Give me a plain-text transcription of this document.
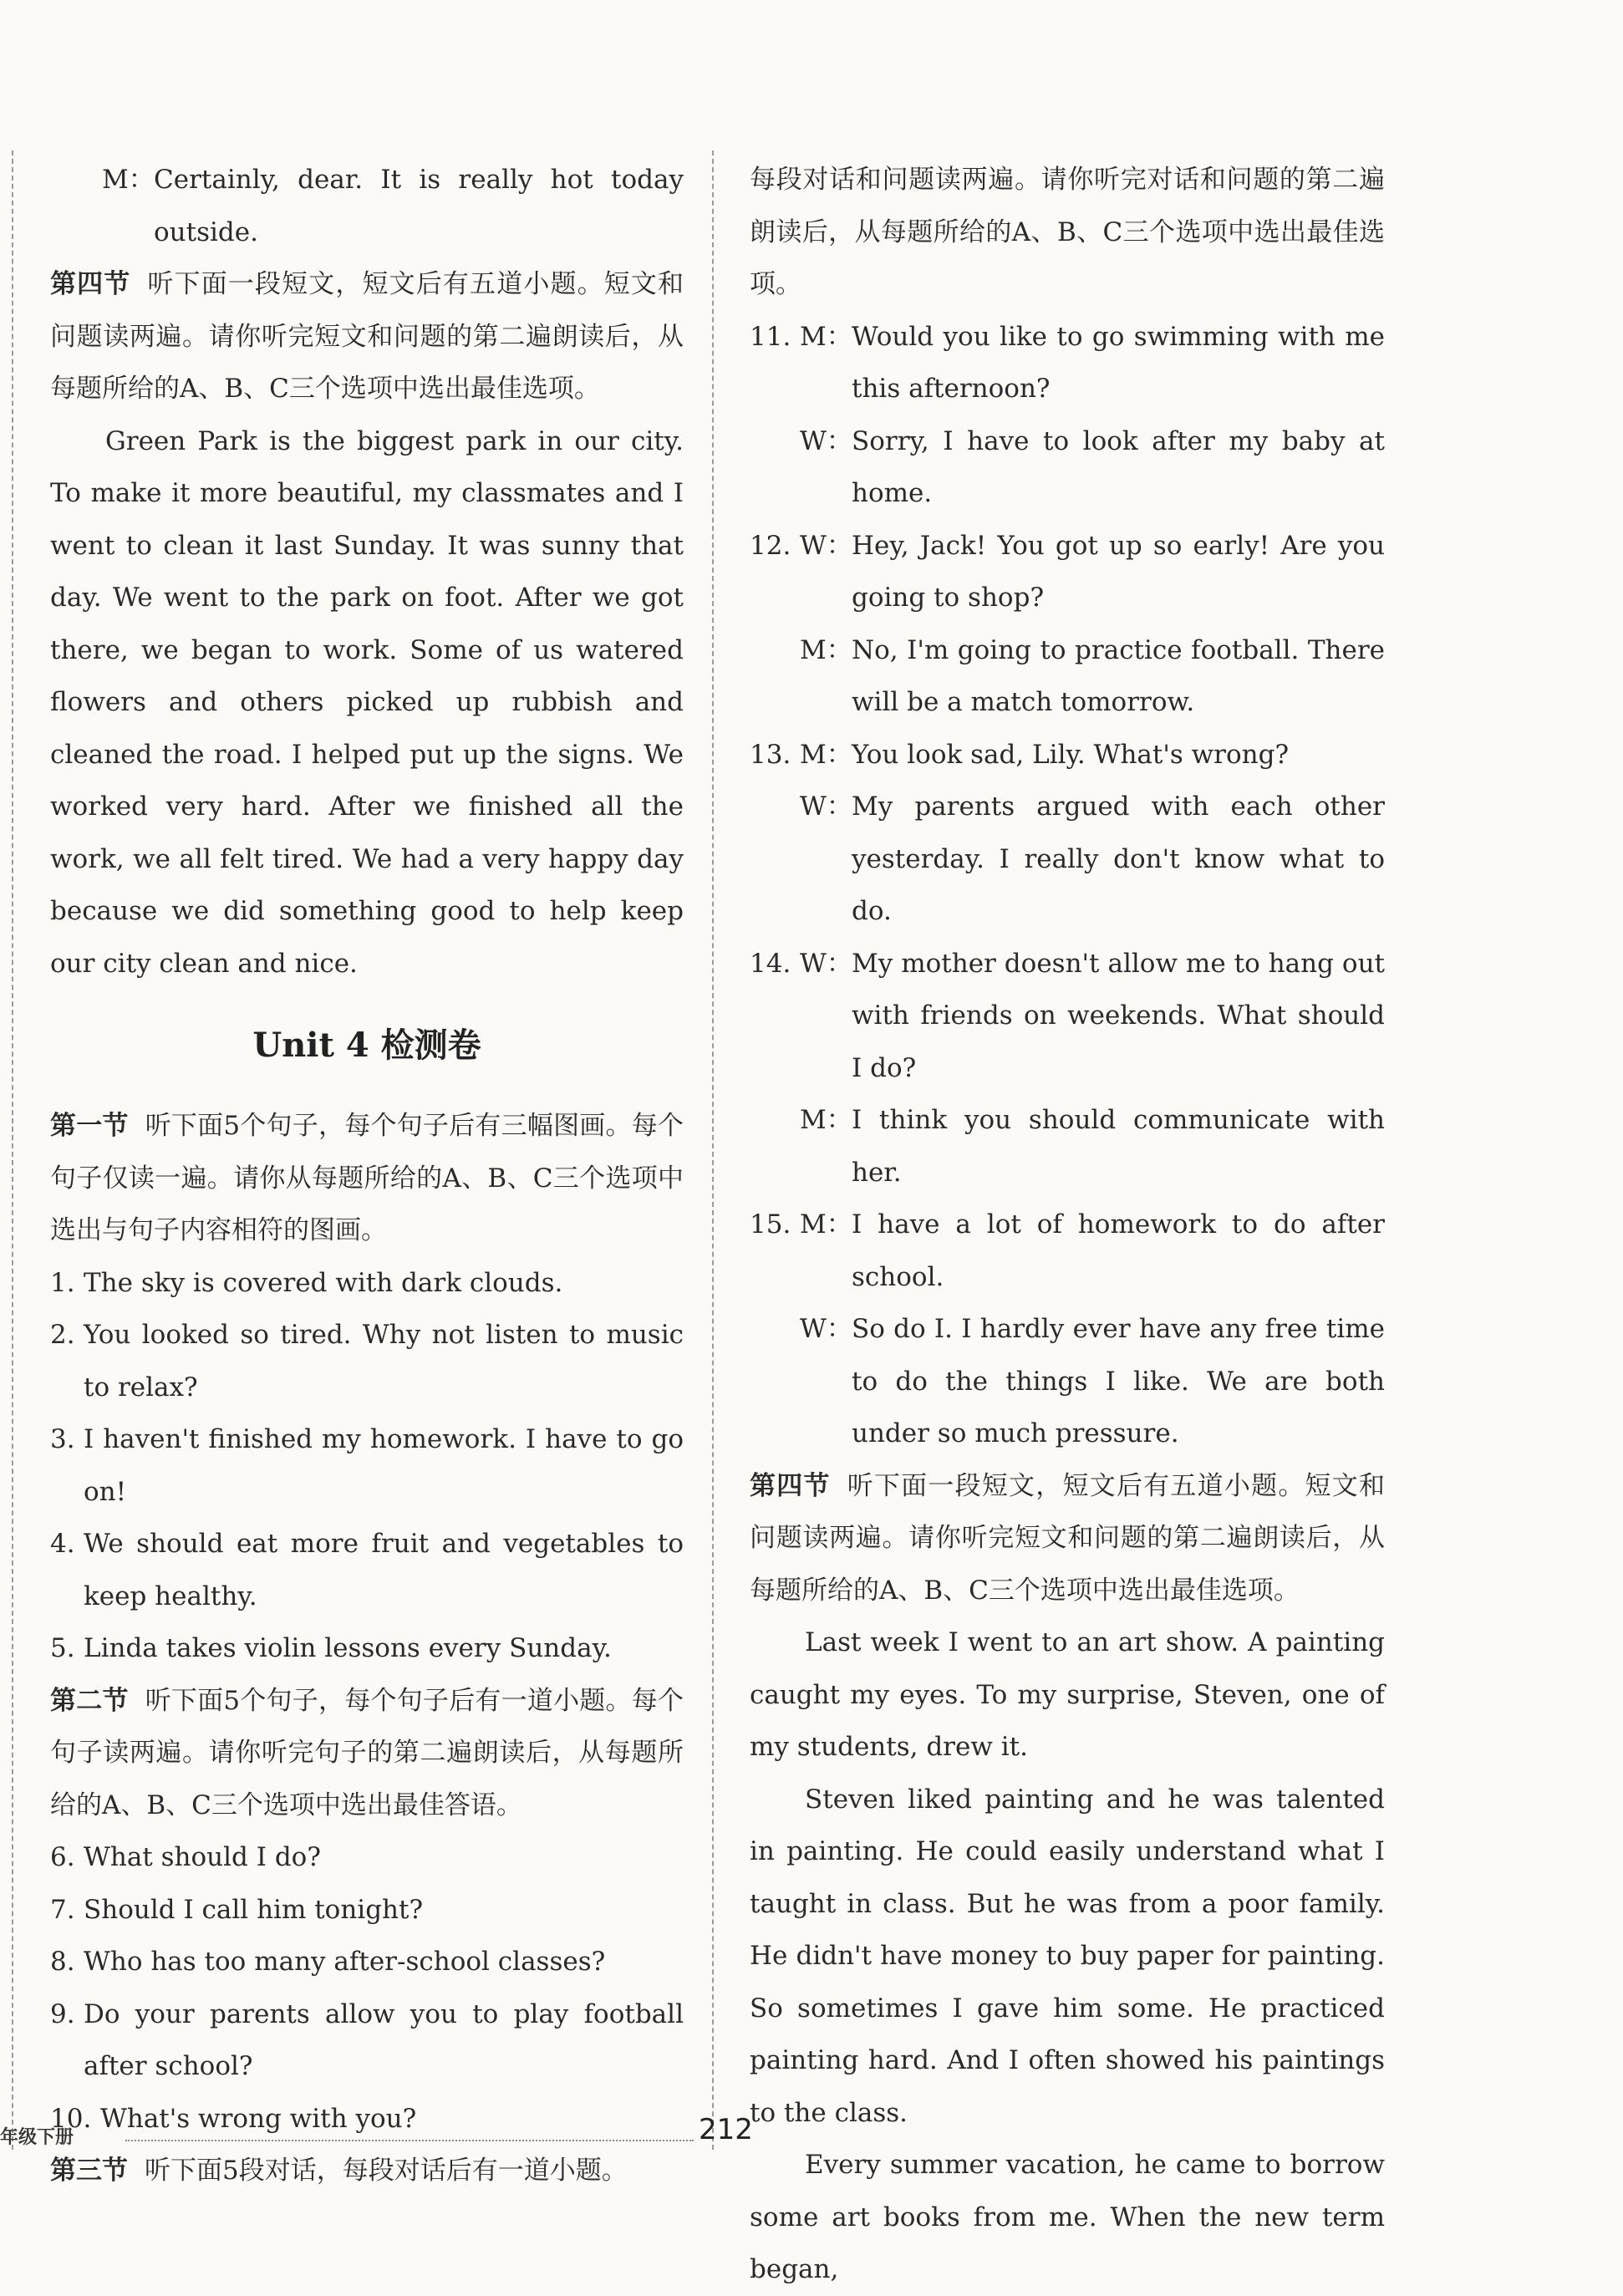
M： Certainly, dear. It is really hot today outside.

第四节 听下面一段短文，短文后有五道小题。短文和问题读两遍。请你听完短文和问题的第二遍朗读后，从每题所给的A、B、C三个选项中选出最佳选项。

Green Park is the biggest park in our city. To make it more beautiful, my classmates and I went to clean it last Sunday. It was sunny that day. We went to the park on foot. After we got there, we began to work. Some of us watered flowers and others picked up rubbish and cleaned the road. I helped put up the signs. We worked very hard. After we finished all the work, we all felt tired. We had a very happy day because we did something good to help keep our city clean and nice.

Unit 4 检测卷

第一节 听下面5个句子，每个句子后有三幅图画。每个句子仅读一遍。请你从每题所给的A、B、C三个选项中选出与句子内容相符的图画。

1. The sky is covered with dark clouds.
2. You looked so tired. Why not listen to music to relax?
3. I haven't finished my homework. I have to go on!
4. We should eat more fruit and vegetables to keep healthy.
5. Linda takes violin lessons every Sunday.

第二节 听下面5个句子，每个句子后有一道小题。每个句子读两遍。请你听完句子的第二遍朗读后，从每题所给的A、B、C三个选项中选出最佳答语。

6. What should I do?
7. Should I call him tonight?
8. Who has too many after-school classes?
9. Do your parents allow you to play football after school?
10. What's wrong with you?

第三节 听下面5段对话，每段对话后有一道小题。

每段对话和问题读两遍。请你听完对话和问题的第二遍朗读后，从每题所给的A、B、C三个选项中选出最佳选项。

11. M： Would you like to go swimming with me this afternoon?
W： Sorry, I have to look after my baby at home.
12. W： Hey, Jack! You got up so early! Are you going to shop?
M： No, I'm going to practice football. There will be a match tomorrow.
13. M： You look sad, Lily. What's wrong?
W： My parents argued with each other yesterday. I really don't know what to do.
14. W： My mother doesn't allow me to hang out with friends on weekends. What should I do?
M： I think you should communicate with her.
15. M： I have a lot of homework to do after school.
W： So do I. I hardly ever have any free time to do the things I like. We are both under so much pressure.

第四节 听下面一段短文，短文后有五道小题。短文和问题读两遍。请你听完短文和问题的第二遍朗读后，从每题所给的A、B、C三个选项中选出最佳选项。

Last week I went to an art show. A painting caught my eyes. To my surprise, Steven, one of my students, drew it.

Steven liked painting and he was talented in painting. He could easily understand what I taught in class. But he was from a poor family. He didn't have money to buy paper for painting. So sometimes I gave him some. He practiced painting hard. And I often showed his paintings to the class.

Every summer vacation, he came to borrow some art books from me. When the new term began,

年级下册	212
